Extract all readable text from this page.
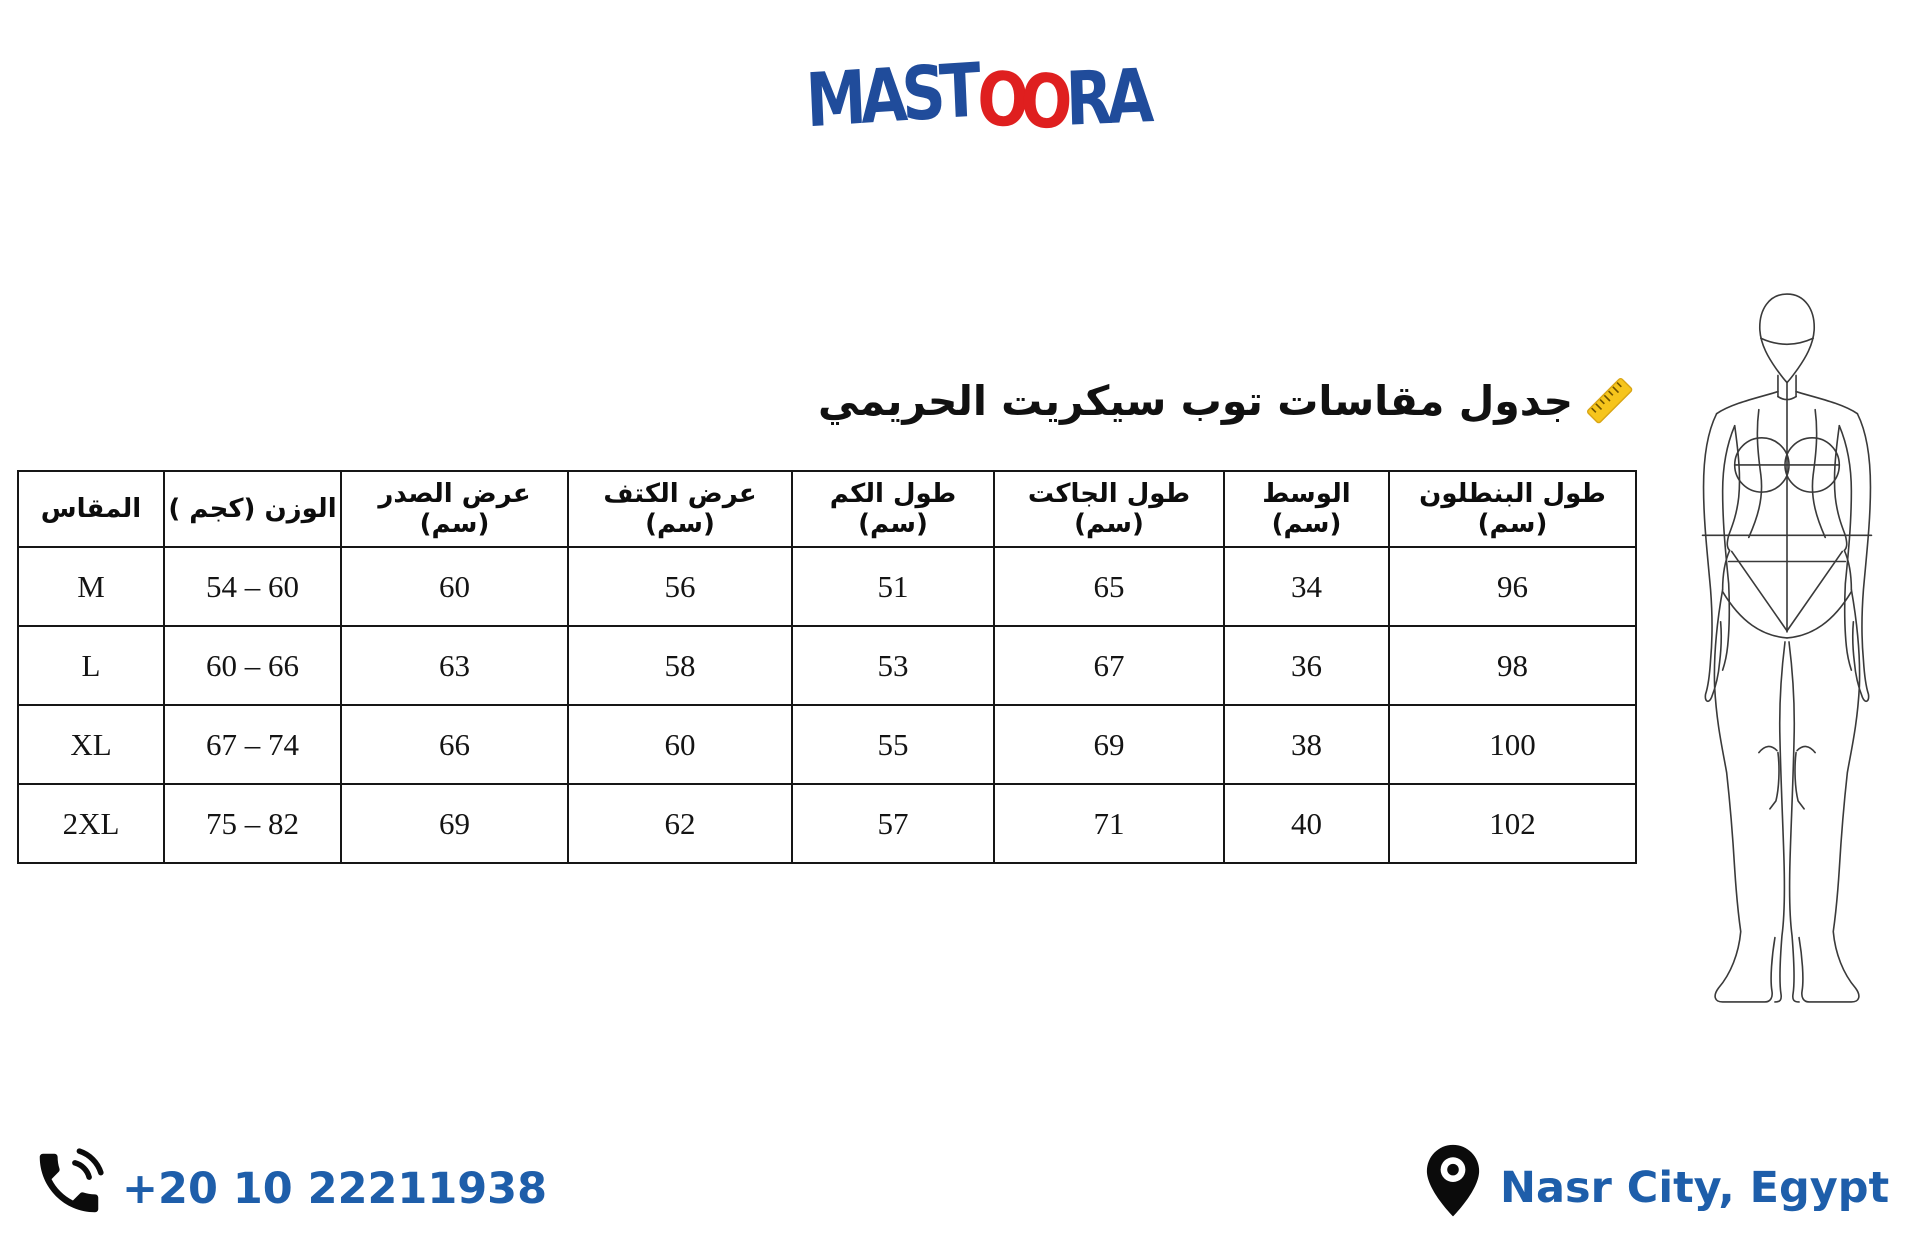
MAST
OO RA
جدول مقاسات توب سيكريت الحريمي
المقاس	الوزن (كجم )	عرض الصدر (سم)	عرض الكتف (سم)	طول الكم (سم)	طول الجاكت (سم)	الوسط (سم)	طول البنطلون (سم)
M	54 – 60	60	56	51	65	34	96
L	60 – 66	63	58	53	67	36	98
XL	67 – 74	66	60	55	69	38	100
2XL	75 – 82	69	62	57	71	40	102
+20 10 22211938	Nasr City, Egypt
